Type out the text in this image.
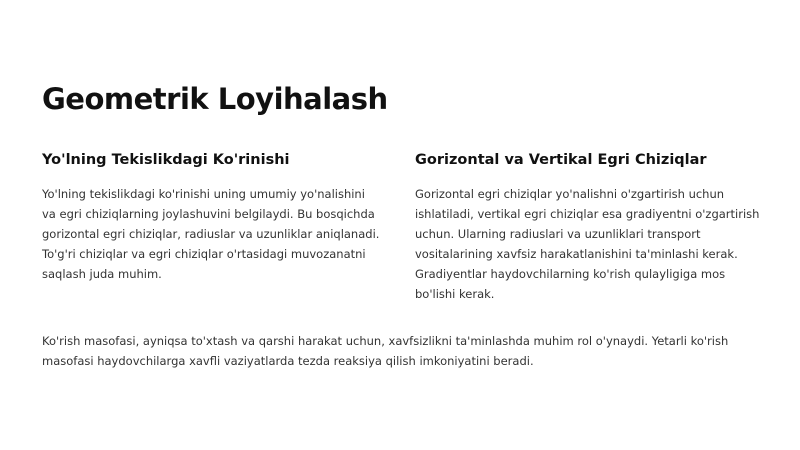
Geometrik Loyihalash
Yo'lning Tekislikdagi Ko'rinishi

Yo'lning tekislikdagi ko'rinishi uning umumiy yo'nalishini va egri chiziqlarning joylashuvini belgilaydi. Bu bosqichda gorizontal egri chiziqlar, radiuslar va uzunliklar aniqlanadi. To'g'ri chiziqlar va egri chiziqlar o'rtasidagi muvozanatni saqlash juda muhim.

Gorizontal va Vertikal Egri Chiziqlar

Gorizontal egri chiziqlar yo'nalishni o'zgartirish uchun ishlatiladi, vertikal egri chiziqlar esa gradiyentni o'zgartirish uchun. Ularning radiuslari va uzunliklari transport vositalarining xavfsiz harakatlanishini ta'minlashi kerak. Gradiyentlar haydovchilarning ko'rish qulayligiga mos bo'lishi kerak.

Ko'rish masofasi, ayniqsa to'xtash va qarshi harakat uchun, xavfsizlikni ta'minlashda muhim rol o'ynaydi. Yetarli ko'rish masofasi haydovchilarga xavfli vaziyatlarda tezda reaksiya qilish imkoniyatini beradi.
